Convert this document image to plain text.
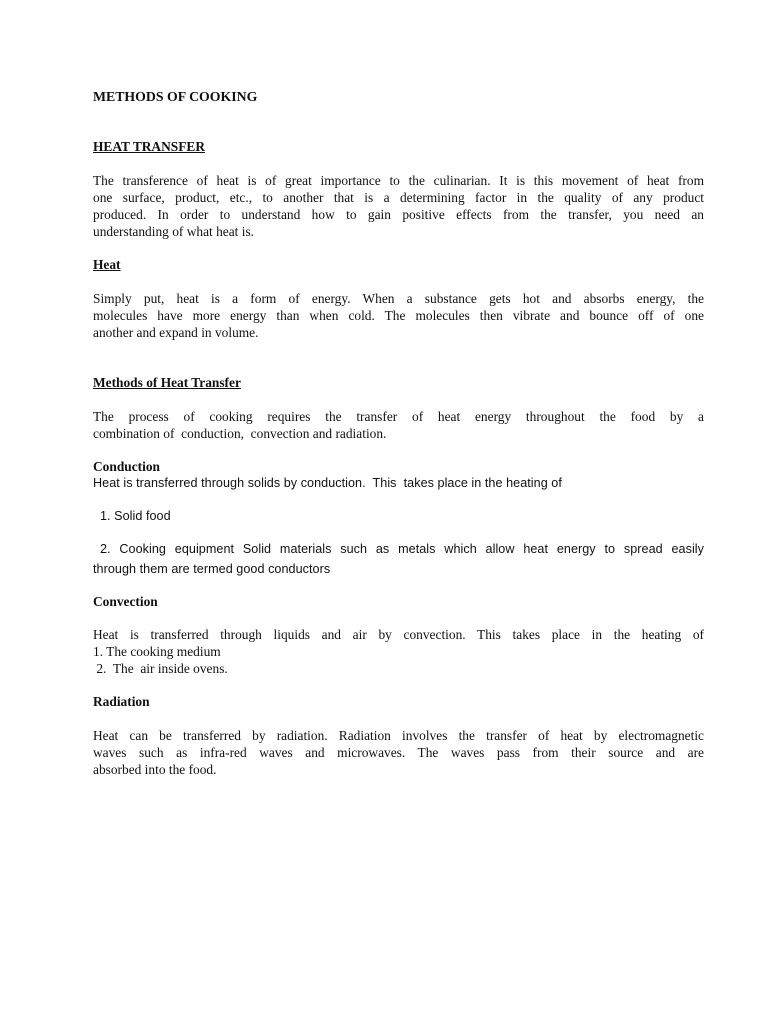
METHODS OF COOKING
HEAT TRANSFER
The transference of heat is of great importance to the culinarian. It is this movement of heat from
one surface, product, etc., to another that is a determining factor in the quality of any product
produced. In order to understand how to gain positive effects from the transfer, you need an
understanding of what heat is.
Heat
Simply put, heat is a form of energy. When a substance gets hot and absorbs energy, the
molecules have more energy than when cold. The molecules then vibrate and bounce off of one
another and expand in volume.
Methods of Heat Transfer
The process of cooking requires the transfer of heat energy throughout the food by a
combination of  conduction,  convection and radiation.
Conduction
Heat is transferred through solids by conduction.  This  takes place in the heating of
1. Solid food
2. Cooking equipment Solid materials such as metals which allow heat energy to spread easily
through them are termed good conductors
Convection
Heat is transferred through liquids and air by convection. This takes place in the heating of
1. The cooking medium
2.  The  air inside ovens.
Radiation
Heat can be transferred by radiation. Radiation involves the transfer of heat by electromagnetic
waves such as infra-red waves and microwaves. The waves pass from their source and are
absorbed into the food.
